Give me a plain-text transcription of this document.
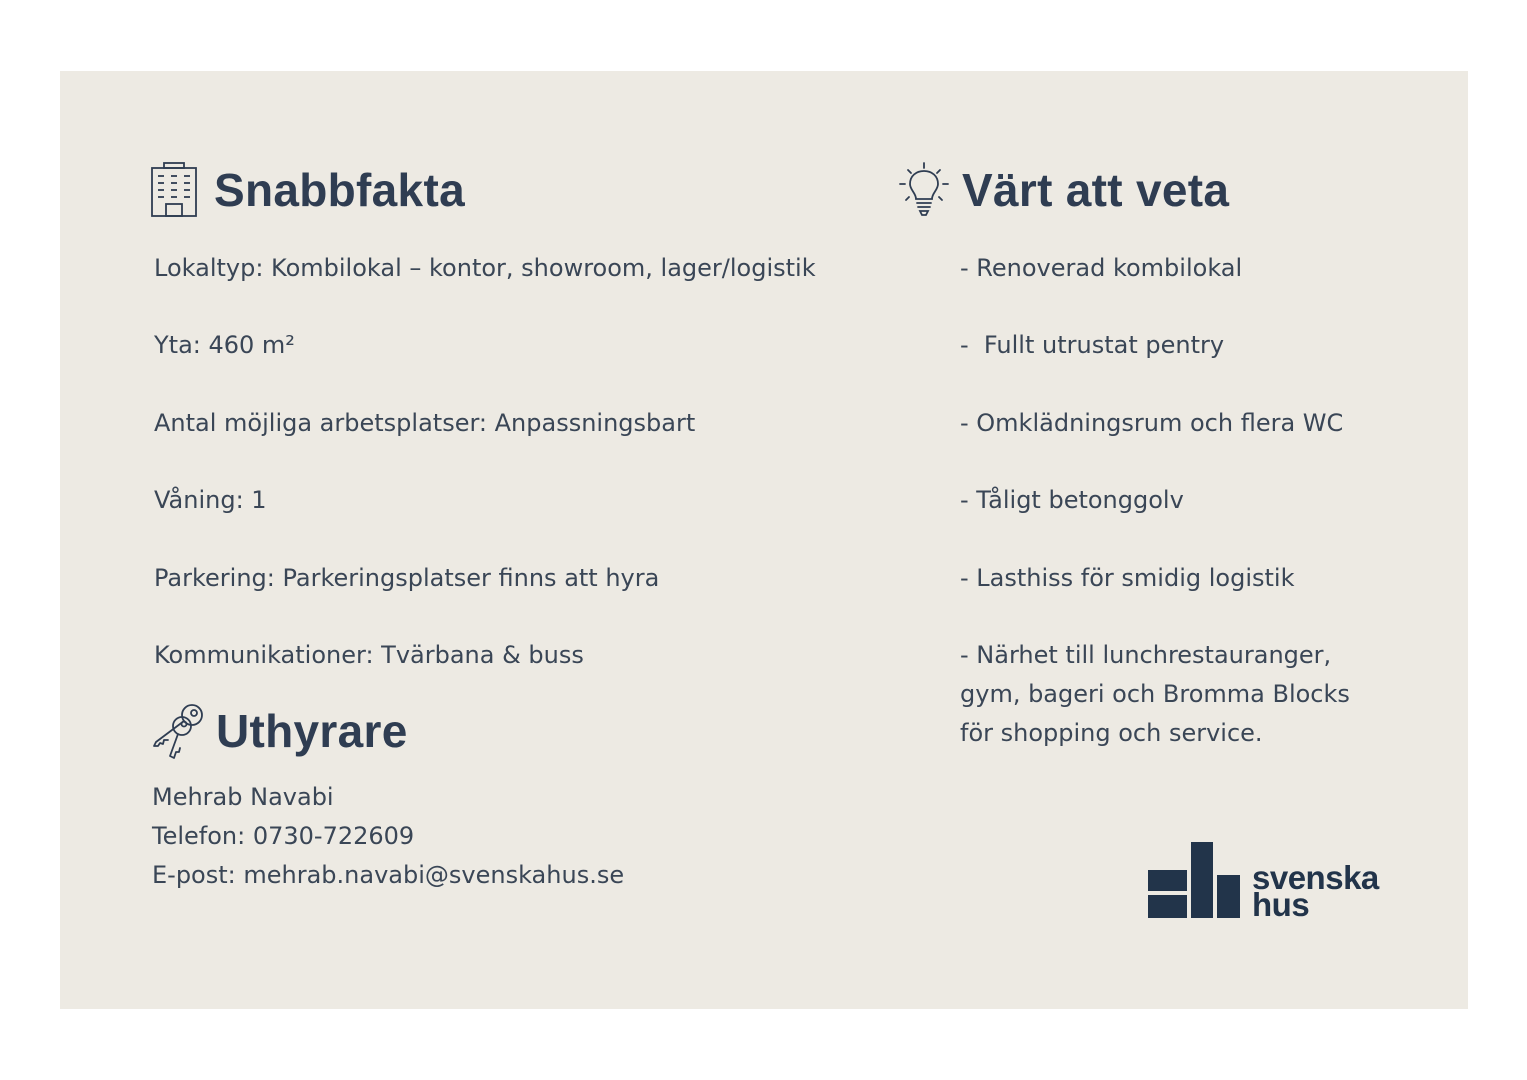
Snabbfakta

Lokaltyp: Kombilokal – kontor, showroom, lager/logistik

Yta: 460 m²

Antal möjliga arbetsplatser: Anpassningsbart

Våning: 1

Parkering: Parkeringsplatser finns att hyra

Kommunikationer: Tvärbana & buss

Värt att veta

- Renoverad kombilokal

-  Fullt utrustat pentry

- Omklädningsrum och flera WC

- Tåligt betonggolv

- Lasthiss för smidig logistik

- Närhet till lunchrestauranger, gym, bageri och Bromma Blocks för shopping och service.

Uthyrare
Mehrab Navabi
Telefon: 0730-722609
E-post: mehrab.navabi@svenskahus.se	svenska
hus
